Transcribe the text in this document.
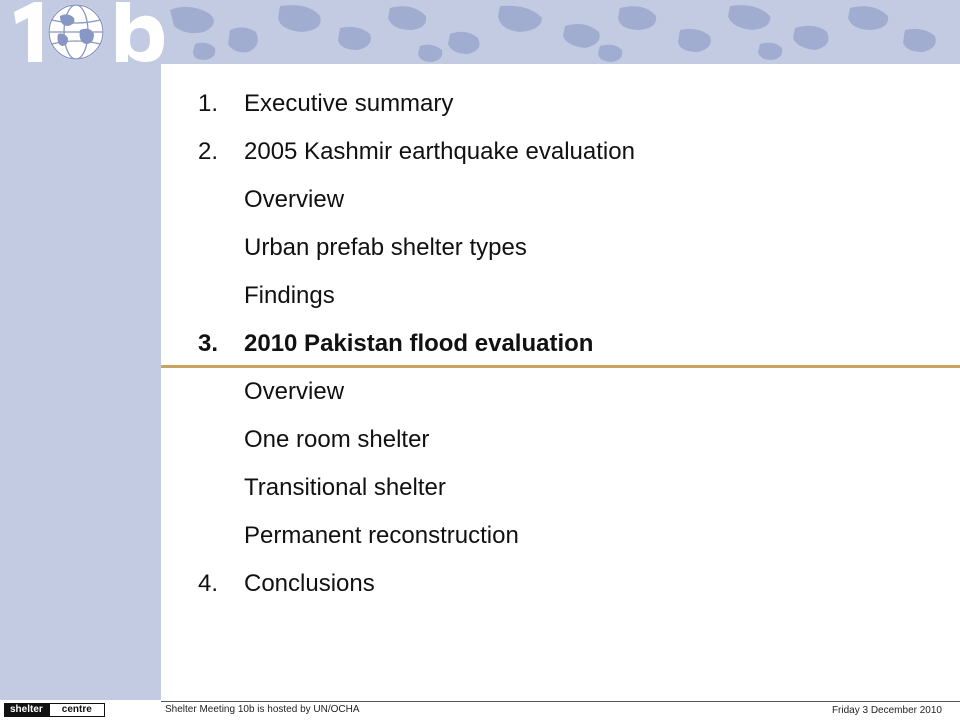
1.	Executive summary
2.	2005 Kashmir earthquake evaluation
Overview
Urban prefab shelter types
Findings
3.	2010 Pakistan flood evaluation
Overview
One room shelter
Transitional shelter
Permanent reconstruction
4.	Conclusions
shelter	centre	Shelter Meeting 10b is hosted by UN/OCHA	Friday 3 December 2010
